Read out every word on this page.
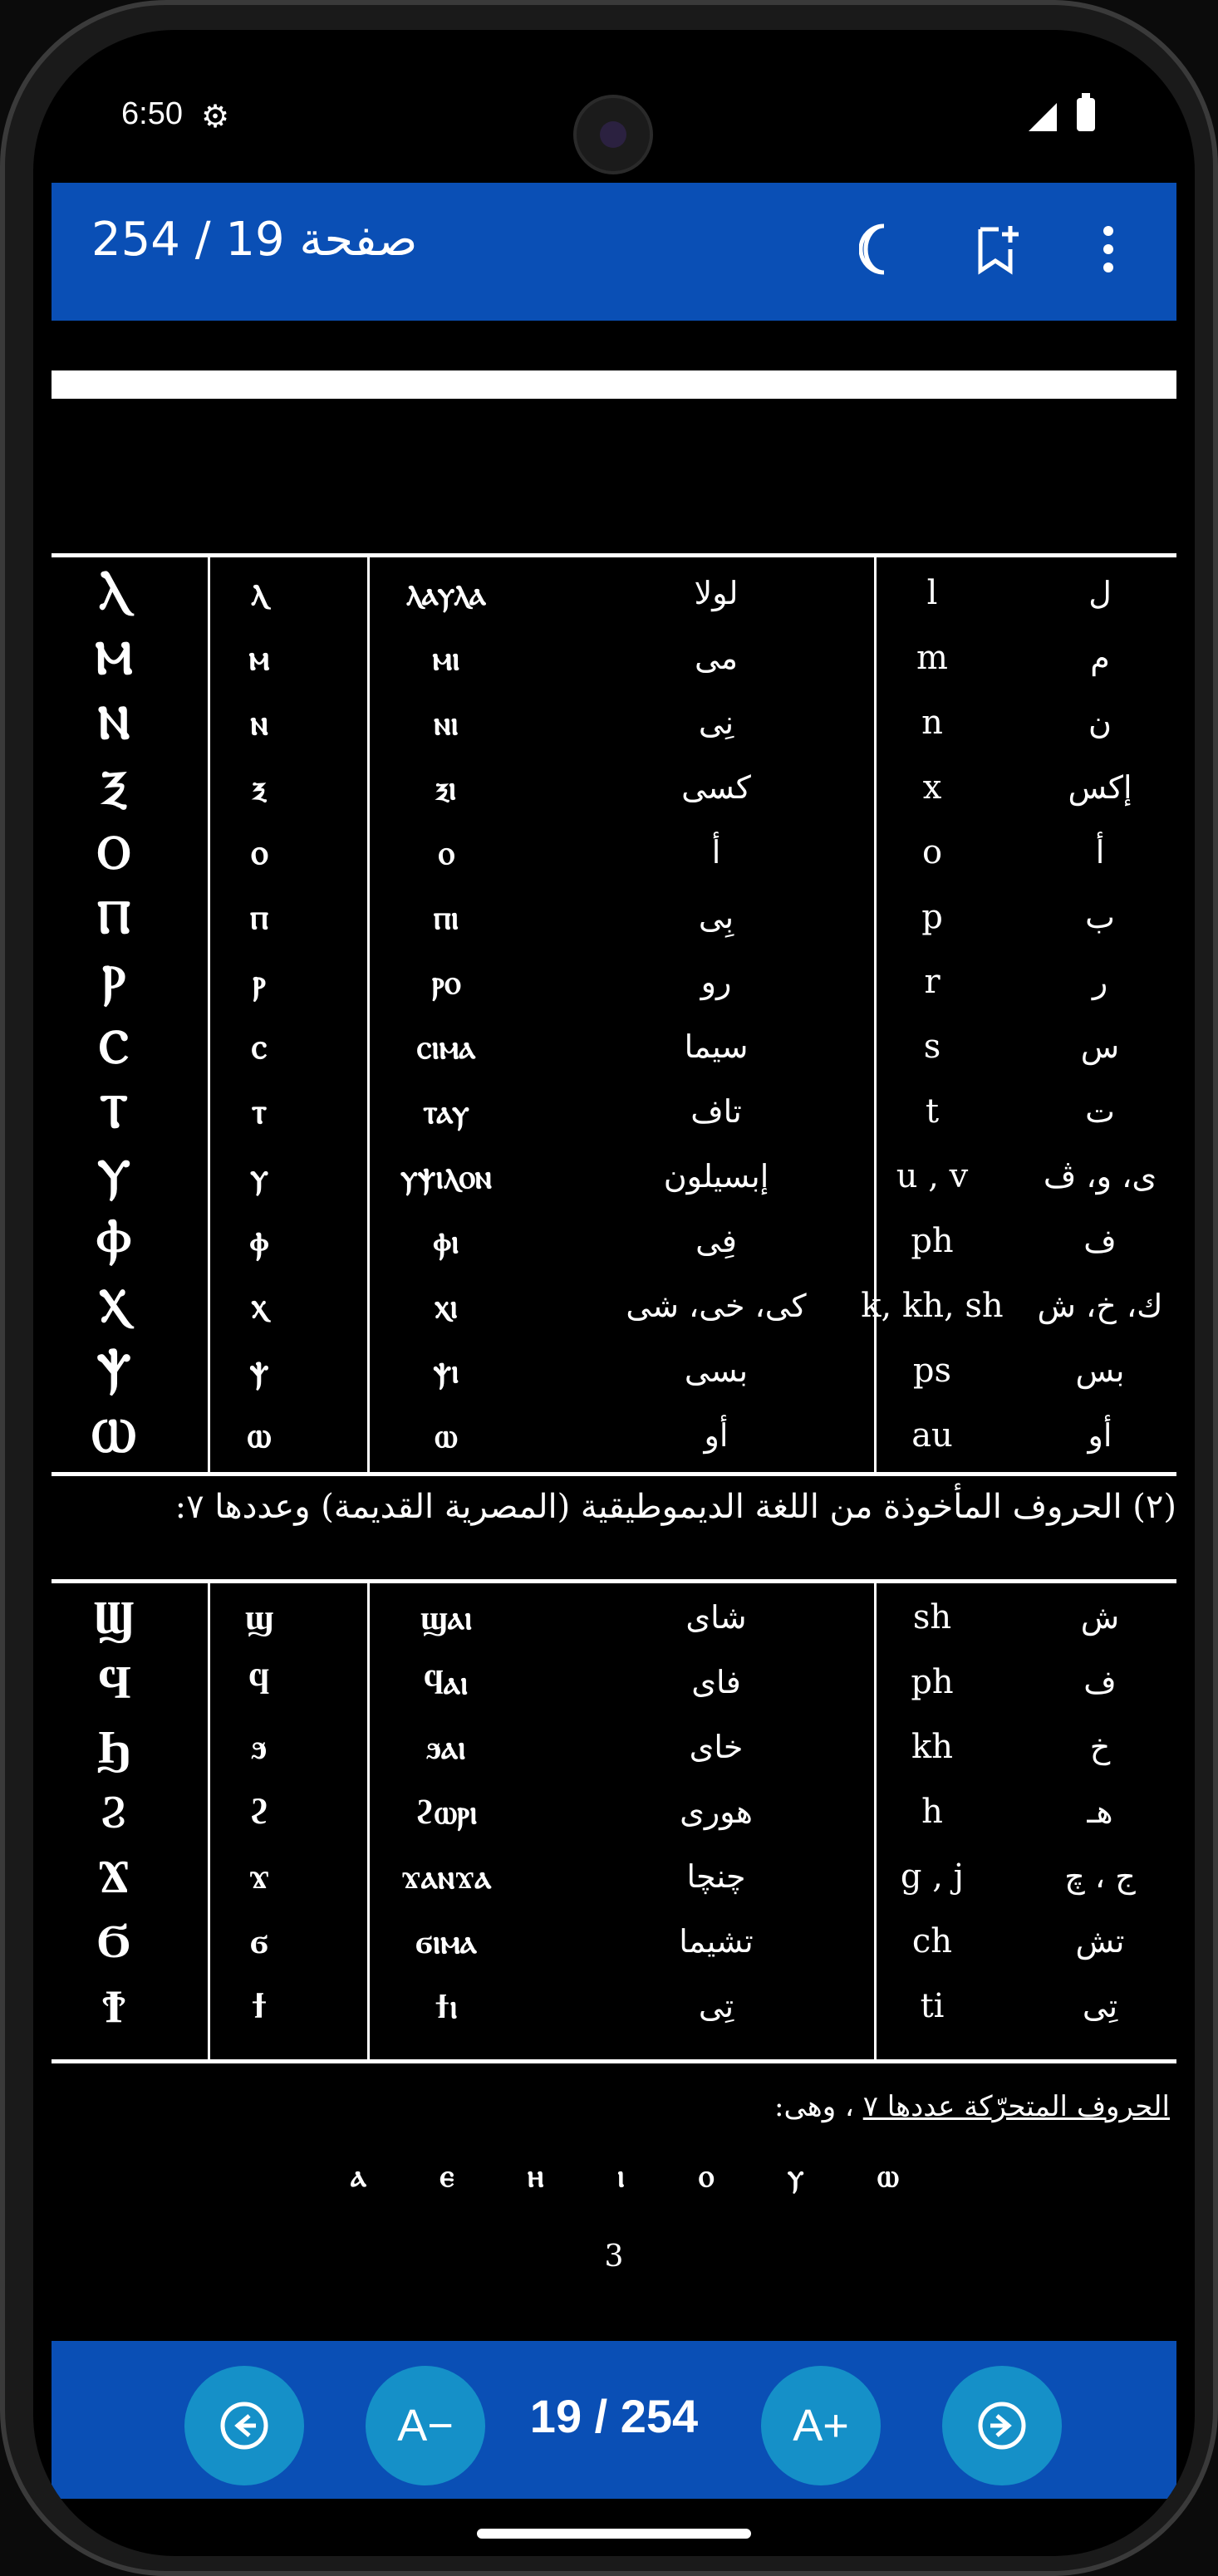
6:50 ⚙
صفحة 19 / 254
Ⲗ	ⲗ	ⲗⲁⲩⲗⲁ	لولا	l	ل
Ⲙ	ⲙ	ⲙⲓ	مى	m	م
Ⲛ	ⲛ	ⲛⲓ	نِى	n	ن
Ⲝ	ⲝ	ⲝⲓ	كسى	x	إكس
Ⲟ	ⲟ	ⲟ	أ	o	أ
Ⲡ	ⲡ	ⲡⲓ	بِى	p	ب
Ⲣ	ⲣ	ⲣⲟ	رو	r	ر
Ⲥ	ⲥ	ⲥⲓⲙⲁ	سيما	s	س
Ⲧ	ⲧ	ⲧⲁⲩ	تاف	t	ت
Ⲩ	ⲩ	ⲩⲯⲓⲗⲟⲛ	إبسيلون	u , v	ى، و، ڤ
Ⲫ	ⲫ	ⲫⲓ	فِى	ph	ف
Ⲭ	ⲭ	ⲭⲓ	كى، خى، شى	k, kh, sh	ك، خ، ش
Ⲯ	ⲯ	ⲯⲓ	بسى	ps	بس
Ⲱ	ⲱ	ⲱ	أو	au	أو
(٢) الحروف المأخوذة من اللغة الديموطيقية (المصرية القديمة) وعددها ٧:
Ϣ	ϣ	ϣⲁⲓ	شاى	sh	ش
Ϥ	ϥ	ϥⲁⲓ	فاى	ph	ف
Ϧ	ϧ	ϧⲁⲓ	خاى	kh	خ
Ϩ	ϩ	ϩⲱⲣⲓ	هورى	h	هـ
Ϫ	ϫ	ϫⲁⲛϫⲁ	چنچا	g , j	ج ، چ
Ϭ	ϭ	ϭⲓⲙⲁ	تشيما	ch	تش
Ϯ	ϯ	ϯⲓ	تِى	ti	تِى
الحروف المتحرّكة عددها ٧ ، وهى:
ⲁ ⲉ ⲏ ⲓ ⲟ ⲩ ⲱ
3
A−	19 / 254	A+
